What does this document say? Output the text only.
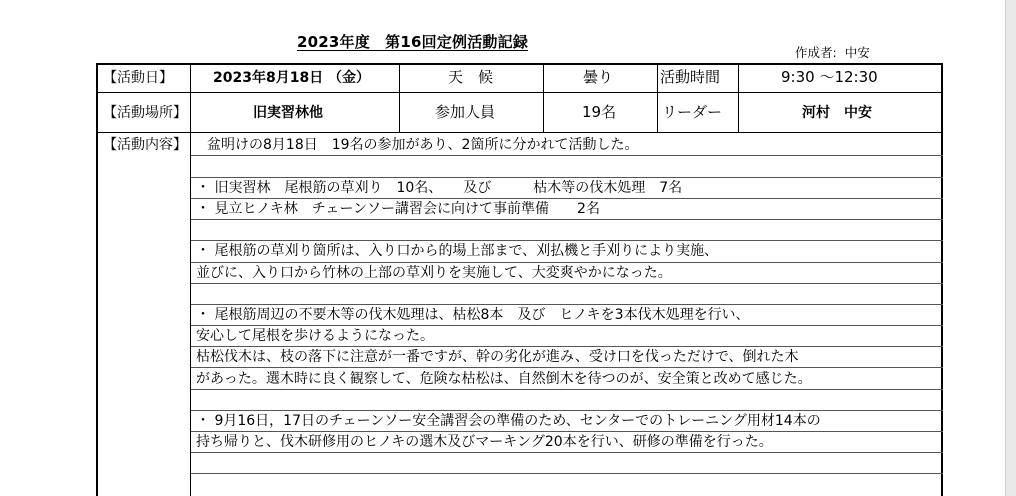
2023年度　第16回定例活動記録
作成者: 中安
【活動日】	2023年8月18日 （金）	天　候	曇り	活動時間	9:30 〜12:30
【活動場所】	旧実習林他	参加人員	19名	リーダー	河村　中安
【活動内容】 盆明けの8月18日　19名の参加があり、2箇所に分かれて活動した。
・ 旧実習林　尾根筋の草刈り　10名、　　及び　　　枯木等の伐木処理　7名
・ 見立ヒノキ林　チェーンソー講習会に向けて事前準備　　2名
・ 尾根筋の草刈り箇所は、入り口から的場上部まで、刈払機と手刈りにより実施、
並びに、入り口から竹林の上部の草刈りを実施して、大変爽やかになった。
・ 尾根筋周辺の不要木等の伐木処理は、枯松8本　及び　ヒノキを3本伐木処理を行い、
安心して尾根を歩けるようになった。
枯松伐木は、枝の落下に注意が一番ですが、幹の劣化が進み、受け口を伐っただけで、倒れた木
があった。選木時に良く観察して、危険な枯松は、自然倒木を待つのが、安全策と改めて感じた。
・ 9月16日，17日のチェーンソー安全講習会の準備のため、センターでのトレーニング用材14本の
持ち帰りと、伐木研修用のヒノキの選木及びマーキング20本を行い、研修の準備を行った。
